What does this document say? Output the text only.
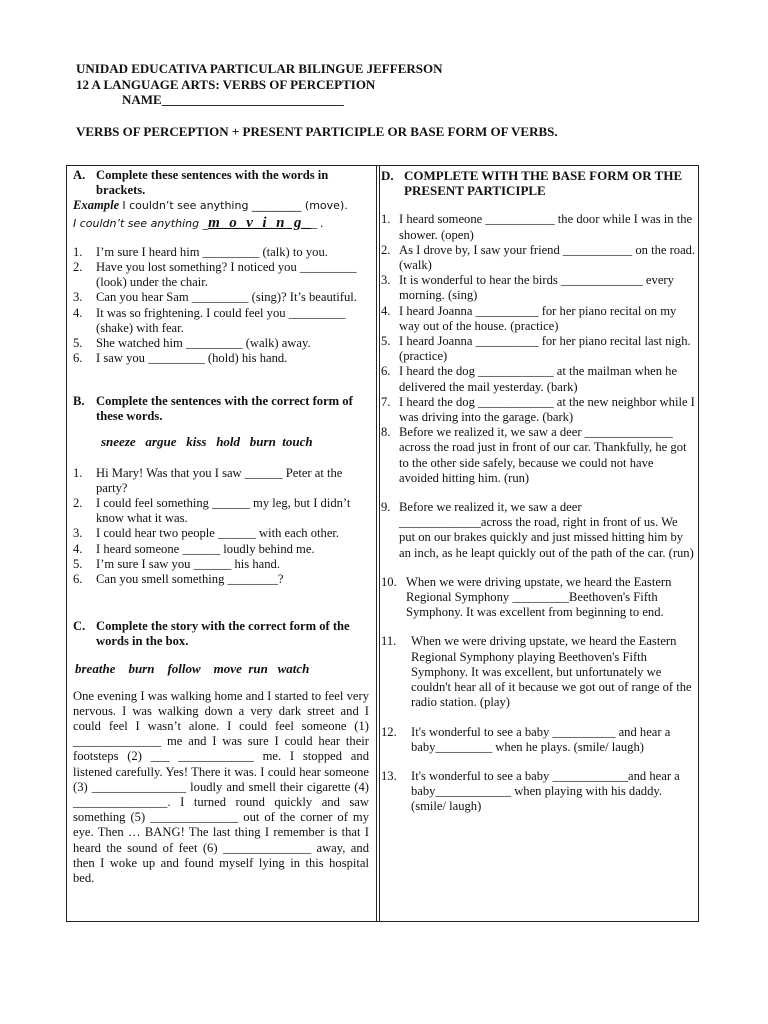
UNIDAD EDUCATIVA PARTICULAR BILINGUE JEFFERSON
12 A LANGUAGE ARTS: VERBS OF PERCEPTION
NAME____________________________
VERBS OF PERCEPTION + PRESENT PARTICIPLE OR BASE FORM OF VERBS.
A. Complete these sentences with the words in brackets.
Example I couldn’t see anything _________ (move).
I couldn’t see anything _m_o_v_i_n_g__ .
1.	I’m sure I heard him _________ (talk) to you.
2.	Have you lost something? I noticed you _________ (look) under the chair.
3.	Can you hear Sam _________ (sing)? It’s beautiful.
4.	It was so frightening. I could feel you _________ (shake) with fear.
5.	She watched him _________ (walk) away.
6.	I saw you _________ (hold) his hand.
B. Complete the sentences with the correct form of these words.
sneeze   argue   kiss   hold   burn  touch
1.	Hi Mary! Was that you I saw ______ Peter at the party?
2.	I could feel something ______ my leg, but I didn’t know what it was.
3.	I could hear two people ______ with each other.
4.	I heard someone ______ loudly behind me.
5.	I’m sure I saw you ______ his hand.
6.	Can you smell something ________?
C. Complete the story with the correct form of the words in the box.
breathe    burn    follow    move  run   watch
One evening I was walking home and I started to feel very nervous. I was walking down a very dark street and I could feel I wasn’t alone. I could feel someone (1) ______________ me and I was sure I could hear their footsteps (2) ___ ____________ me. I stopped and listened carefully. Yes! There it was. I could hear someone (3) _______________ loudly and smell their cigarette (4) _______________. I turned round quickly and saw something (5) ______________ out of the corner of my eye. Then … BANG! The last thing I remember is that I heard the sound of feet (6) ______________ away, and then I woke up and found myself lying in this hospital bed.
D. COMPLETE WITH THE BASE FORM OR THE PRESENT PARTICIPLE
1. I heard someone ___________ the door while I was in the shower. (open)
2. As I drove by, I saw your friend ___________ on the road. (walk)
3. It is wonderful to hear the birds _____________ every morning. (sing)
4. I heard Joanna __________ for her piano recital on my way out of the house. (practice)
5. I heard Joanna __________ for her piano recital last nigh. (practice)
6. I heard the dog ____________ at the mailman when he delivered the mail yesterday. (bark)
7. I heard the dog ____________ at the new neighbor while I was driving into the garage. (bark)
8. Before we realized it, we saw a deer ______________ across the road just in front of our car. Thankfully, he got to the other side safely, because we could not have avoided hitting him. (run)
9. Before we realized it, we saw a deer _____________across the road, right in front of us. We put on our brakes quickly and just missed hitting him by an inch, as he leapt quickly out of the path of the car. (run)
10. When we were driving upstate, we heard the Eastern Regional Symphony _________Beethoven's Fifth Symphony. It was excellent from beginning to end.
11.	When we were driving upstate, we heard the Eastern Regional Symphony playing Beethoven's Fifth Symphony. It was excellent, but unfortunately we couldn't hear all of it because we got out of range of the radio station. (play)
12.	It's wonderful to see a baby __________ and hear a baby_________ when he plays. (smile/ laugh)
13.	It's wonderful to see a baby ____________and hear a baby____________ when playing with his daddy. (smile/ laugh)
